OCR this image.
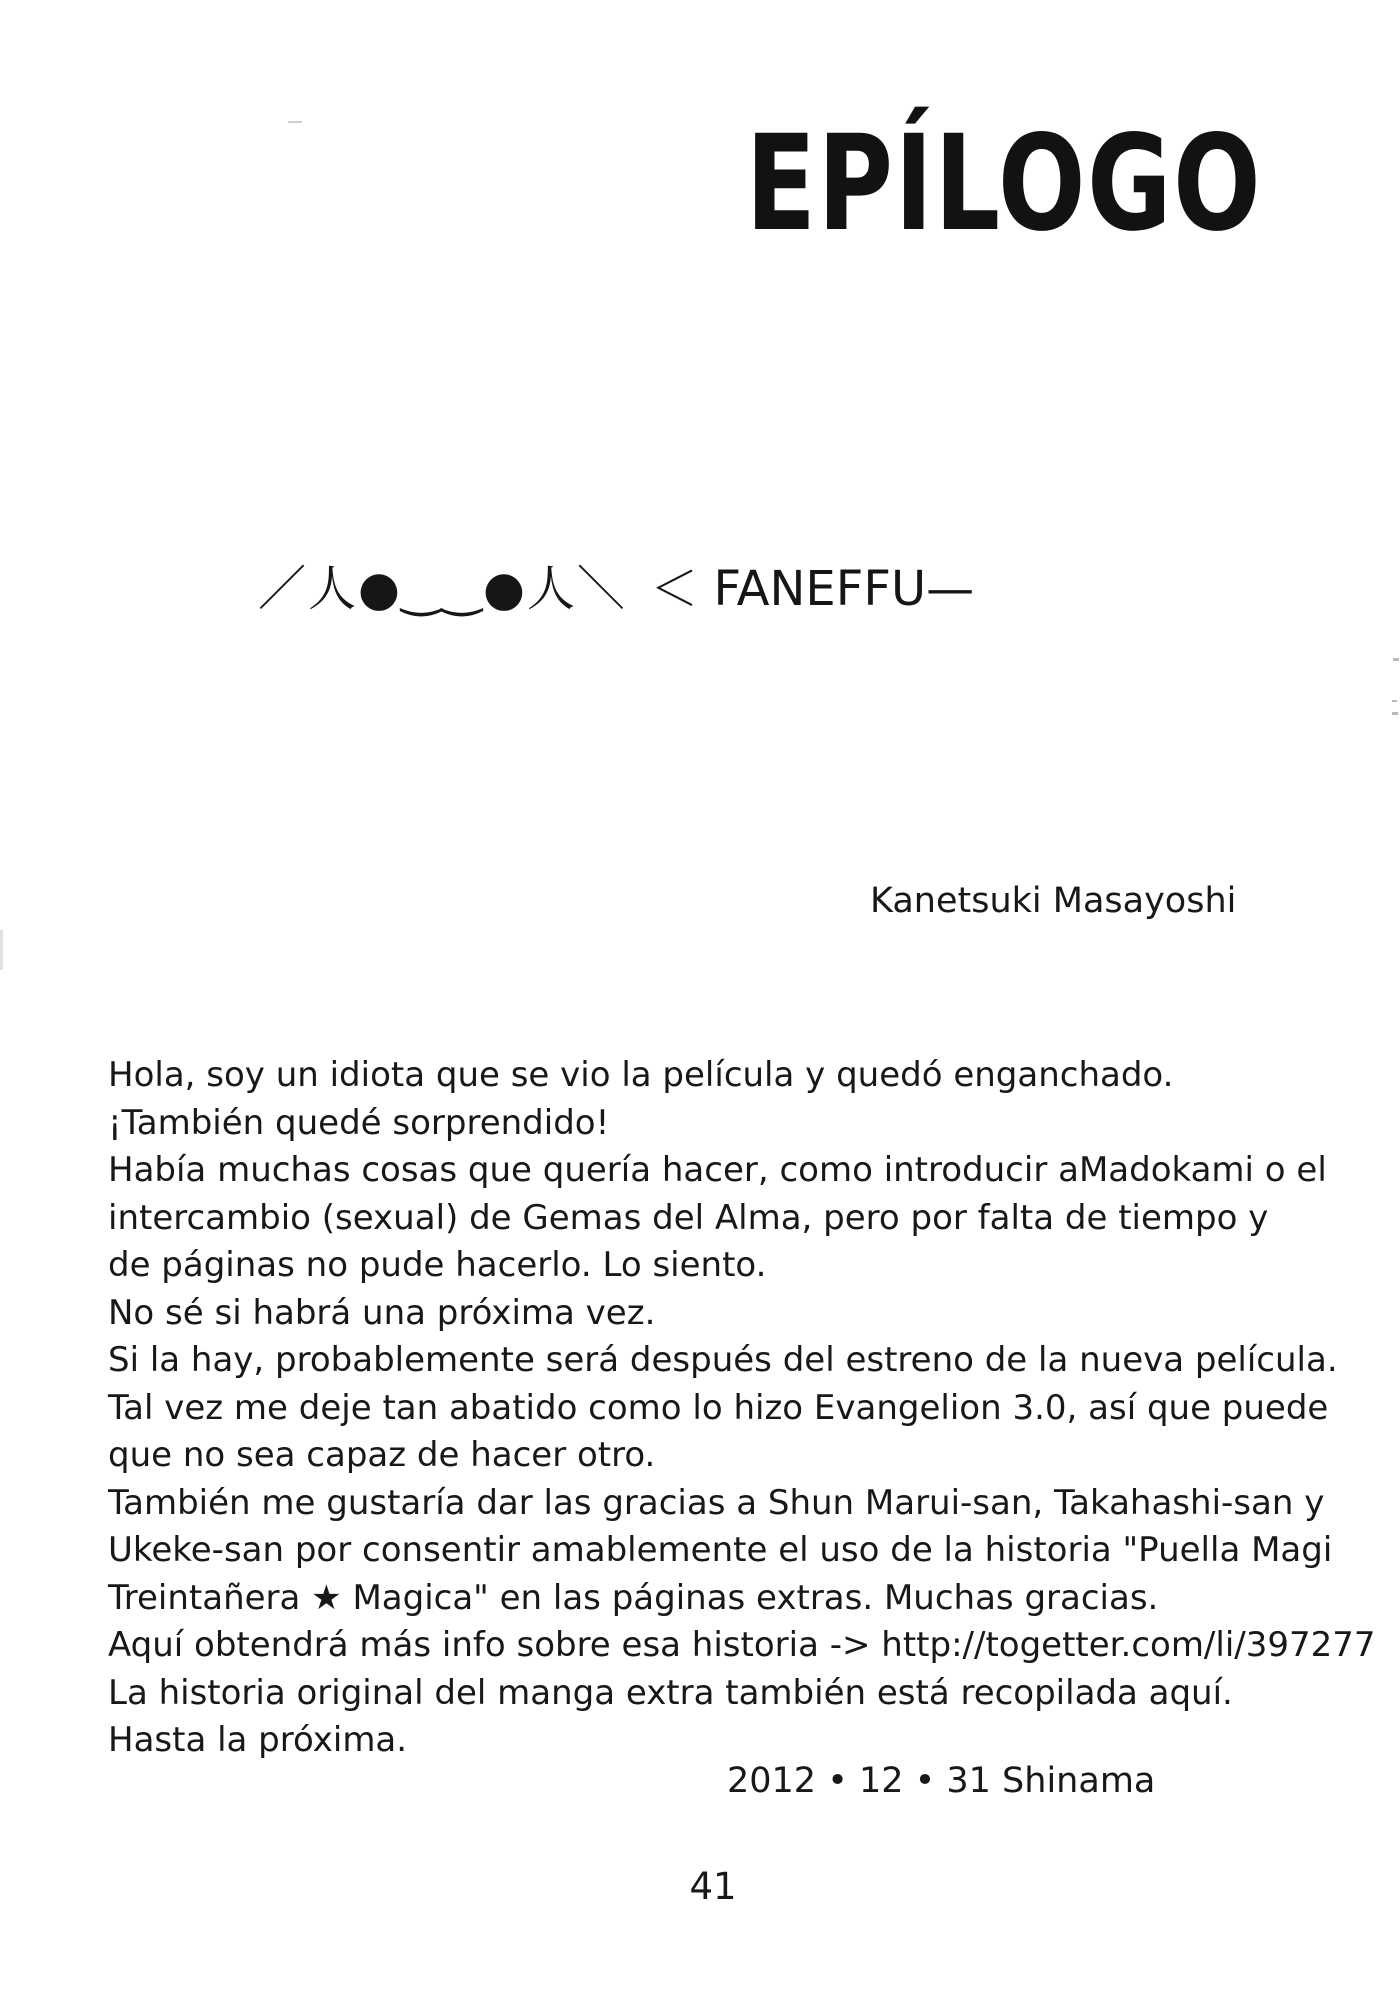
EPÍLOGO
／人●‿‿●人＼ ＜ FANEFFU—
Kanetsuki Masayoshi
Hola, soy un idiota que se vio la película y quedó enganchado.
¡También quedé sorprendido!
Había muchas cosas que quería hacer, como introducir aMadokami o el
intercambio (sexual) de Gemas del Alma, pero por falta de tiempo y
de páginas no pude hacerlo. Lo siento.
No sé si habrá una próxima vez.
Si la hay, probablemente será después del estreno de la nueva película.
Tal vez me deje tan abatido como lo hizo Evangelion 3.0, así que puede
que no sea capaz de hacer otro.
También me gustaría dar las gracias a Shun Marui-san, Takahashi-san y
Ukeke-san por consentir amablemente el uso de la historia "Puella Magi
Treintañera ★ Magica" en las páginas extras. Muchas gracias.
Aquí obtendrá más info sobre esa historia -> http://togetter.com/li/397277
La historia original del manga extra también está recopilada aquí.
Hasta la próxima.
2012 • 12 • 31 Shinama
41
